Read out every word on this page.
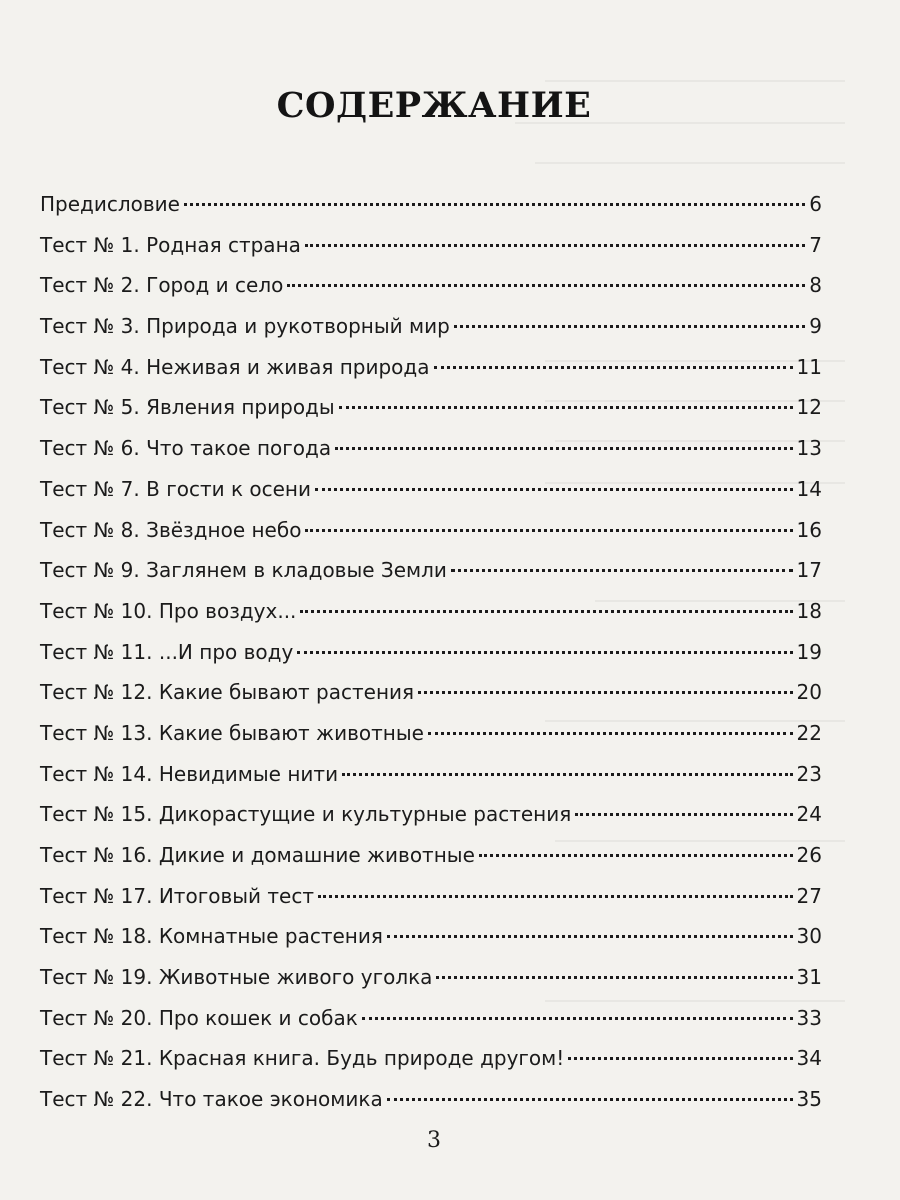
СОДЕРЖАНИЕ
Предисловие	6
Тест № 1. Родная страна	7
Тест № 2. Город и село	8
Тест № 3. Природа и рукотворный мир	9
Тест № 4. Неживая и живая природа	11
Тест № 5. Явления природы	12
Тест № 6. Что такое погода	13
Тест № 7. В гости к осени	14
Тест № 8. Звёздное небо	16
Тест № 9. Заглянем в кладовые Земли	17
Тест № 10. Про воздух...	18
Тест № 11. ...И про воду	19
Тест № 12. Какие бывают растения	20
Тест № 13. Какие бывают животные	22
Тест № 14. Невидимые нити	23
Тест № 15. Дикорастущие и культурные растения	24
Тест № 16. Дикие и домашние животные	26
Тест № 17. Итоговый тест	27
Тест № 18. Комнатные растения	30
Тест № 19. Животные живого уголка	31
Тест № 20. Про кошек и собак	33
Тест № 21. Красная книга. Будь природе другом!	34
Тест № 22. Что такое экономика	35
3
